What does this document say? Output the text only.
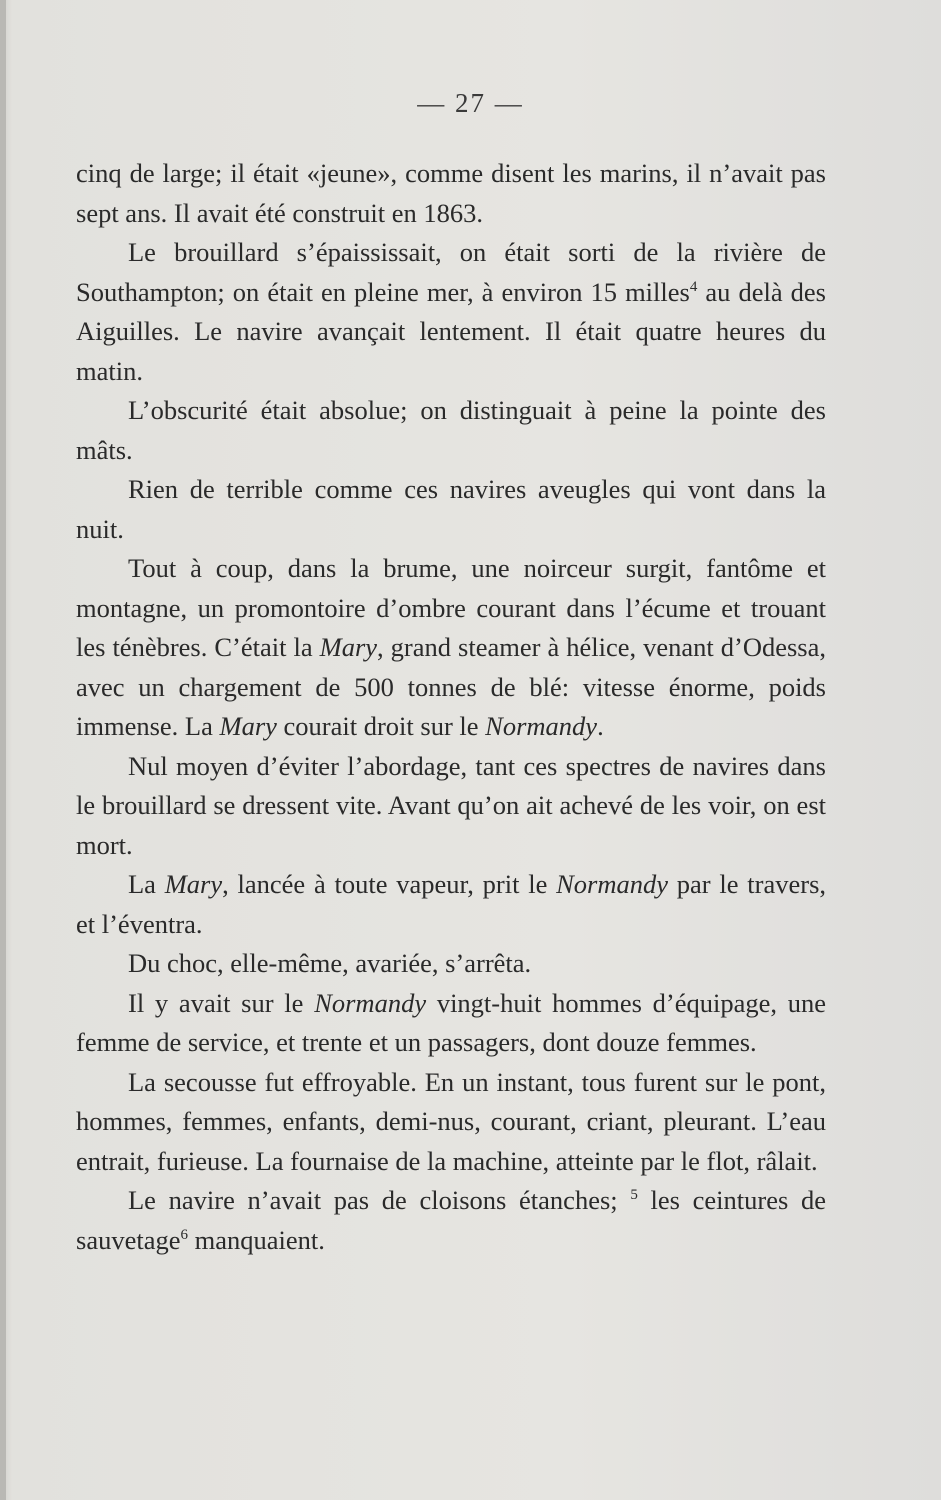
— 27 —

cinq de large; il était «jeune», comme disent les marins, il n’avait pas sept ans. Il avait été construit en 1863.

Le brouillard s’épaississait, on était sorti de la rivière de Southampton; on était en pleine mer, à environ 15 milles$^4$ au delà des Aiguilles. Le navire avançait lentement. Il était quatre heures du matin.

L’obscurité était absolue; on distinguait à peine la pointe des mâts.

Rien de terrible comme ces navires aveugles qui vont dans la nuit.

Tout à coup, dans la brume, une noirceur surgit, fantôme et montagne, un promontoire d’ombre courant dans l’écume et trouant les ténèbres. C’était la Mary, grand steamer à hélice, venant d’Odessa, avec un chargement de 500 tonnes de blé: vitesse énorme, poids immense. La Mary courait droit sur le Normandy.

Nul moyen d’éviter l’abordage, tant ces spectres de navires dans le brouillard se dressent vite. Avant qu’on ait achevé de les voir, on est mort.

La Mary, lancée à toute vapeur, prit le Normandy par le travers, et l’éventra.

Du choc, elle-même, avariée, s’arrêta.

Il y avait sur le Normandy vingt-huit hommes d’équipage, une femme de service, et trente et un passagers, dont douze femmes.

La secousse fut effroyable. En un instant, tous furent sur le pont, hommes, femmes, enfants, demi-nus, courant, criant, pleurant. L’eau entrait, furieuse. La fournaise de la machine, atteinte par le flot, râlait.

Le navire n’avait pas de cloisons étanches; $^5$ les ceintures de sauvetage$^6$ manquaient.
